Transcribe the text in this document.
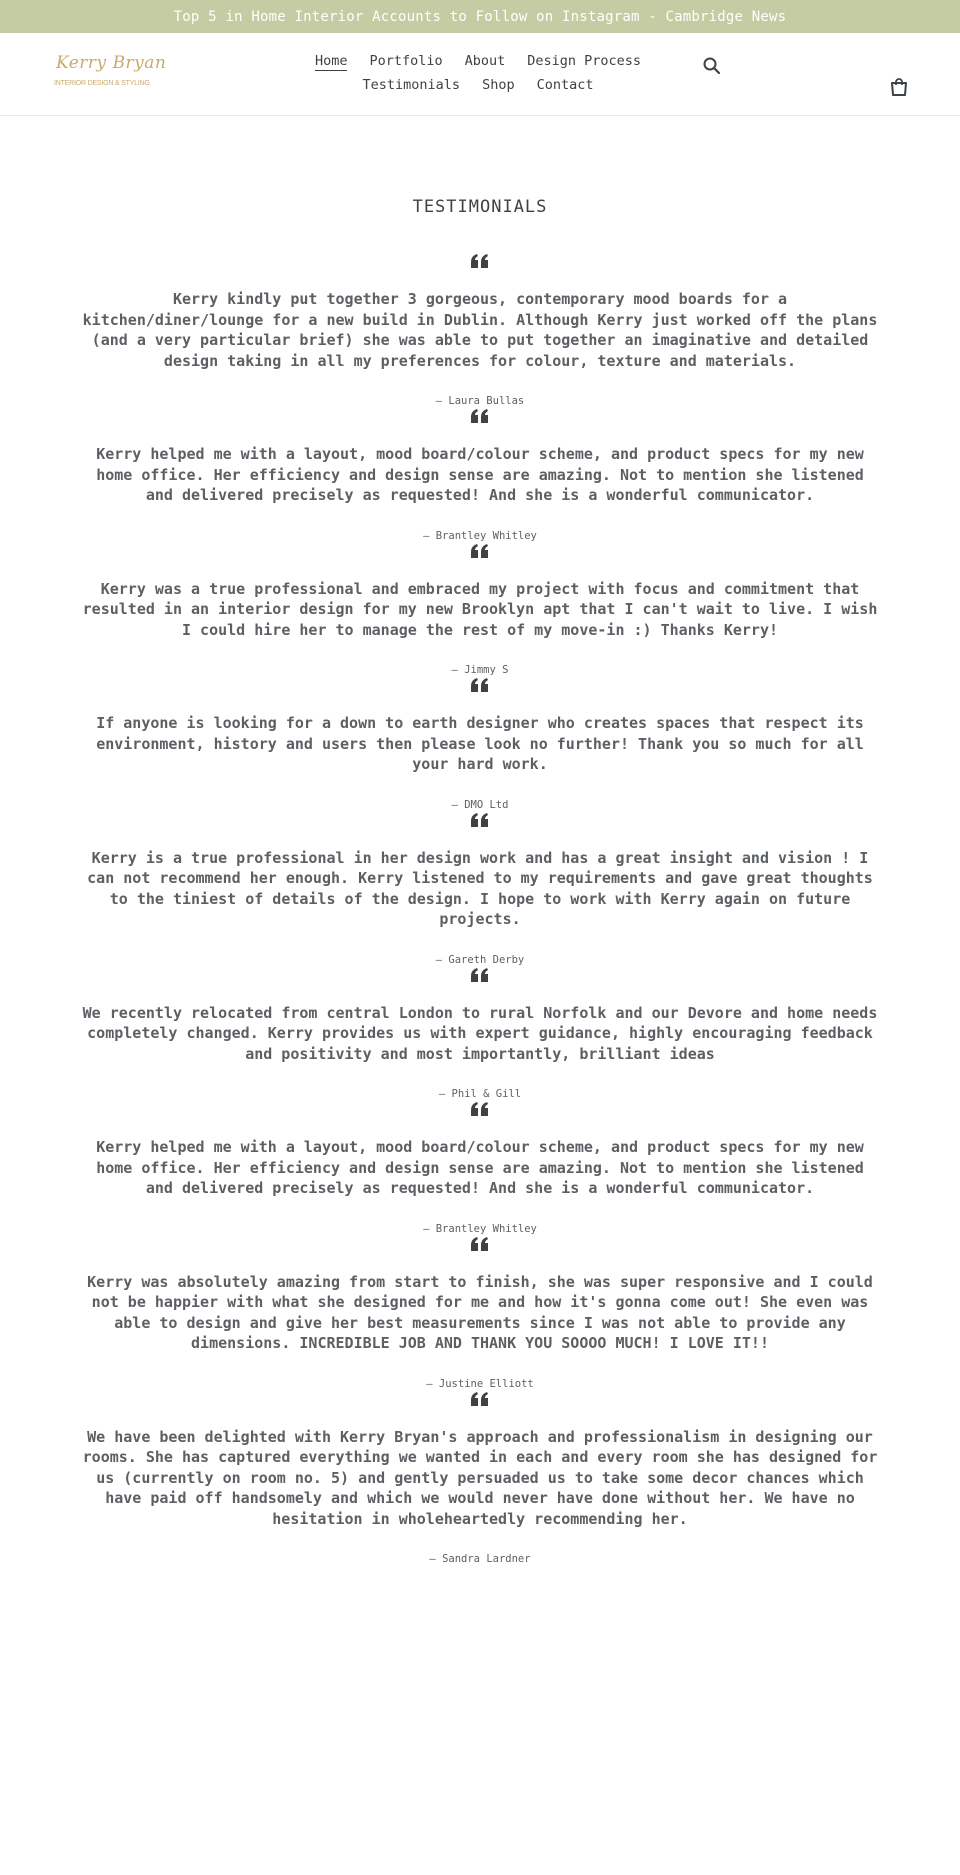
Top 5 in Home Interior Accounts to Follow on Instagram - Cambridge News
Kerry Bryan
INTERIOR DESIGN & STYLING
Home Portfolio About Design Process
Testimonials Shop Contact
TESTIMONIALS

Kerry kindly put together 3 gorgeous, contemporary mood boards for a kitchen/diner/lounge for a new build in Dublin. Although Kerry just worked off the plans (and a very particular brief) she was able to put together an imaginative and detailed design taking in all my preferences for colour, texture and materials.

— Laura Bullas

Kerry helped me with a layout, mood board/colour scheme, and product specs for my new home office. Her efficiency and design sense are amazing. Not to mention she listened and delivered precisely as requested! And she is a wonderful communicator.

— Brantley Whitley

Kerry was a true professional and embraced my project with focus and commitment that resulted in an interior design for my new Brooklyn apt that I can't wait to live. I wish I could hire her to manage the rest of my move-in :) Thanks Kerry!

— Jimmy S

If anyone is looking for a down to earth designer who creates spaces that respect its environment, history and users then please look no further! Thank you so much for all your hard work.

— DMO Ltd

Kerry is a true professional in her design work and has a great insight and vision ! I can not recommend her enough. Kerry listened to my requirements and gave great thoughts to the tiniest of details of the design. I hope to work with Kerry again on future projects.

— Gareth Derby

We recently relocated from central London to rural Norfolk and our Devore and home needs completely changed. Kerry provides us with expert guidance, highly encouraging feedback and positivity and most importantly, brilliant ideas

— Phil & Gill

Kerry helped me with a layout, mood board/colour scheme, and product specs for my new home office. Her efficiency and design sense are amazing. Not to mention she listened and delivered precisely as requested! And she is a wonderful communicator.

— Brantley Whitley

Kerry was absolutely amazing from start to finish, she was super responsive and I could not be happier with what she designed for me and how it's gonna come out! She even was able to design and give her best measurements since I was not able to provide any dimensions. INCREDIBLE JOB AND THANK YOU SOOOO MUCH! I LOVE IT!!

— Justine Elliott

We have been delighted with Kerry Bryan's approach and professionalism in designing our rooms. She has captured everything we wanted in each and every room she has designed for us (currently on room no. 5) and gently persuaded us to take some decor chances which have paid off handsomely and which we would never have done without her. We have no hesitation in wholeheartedly recommending her.

— Sandra Lardner
